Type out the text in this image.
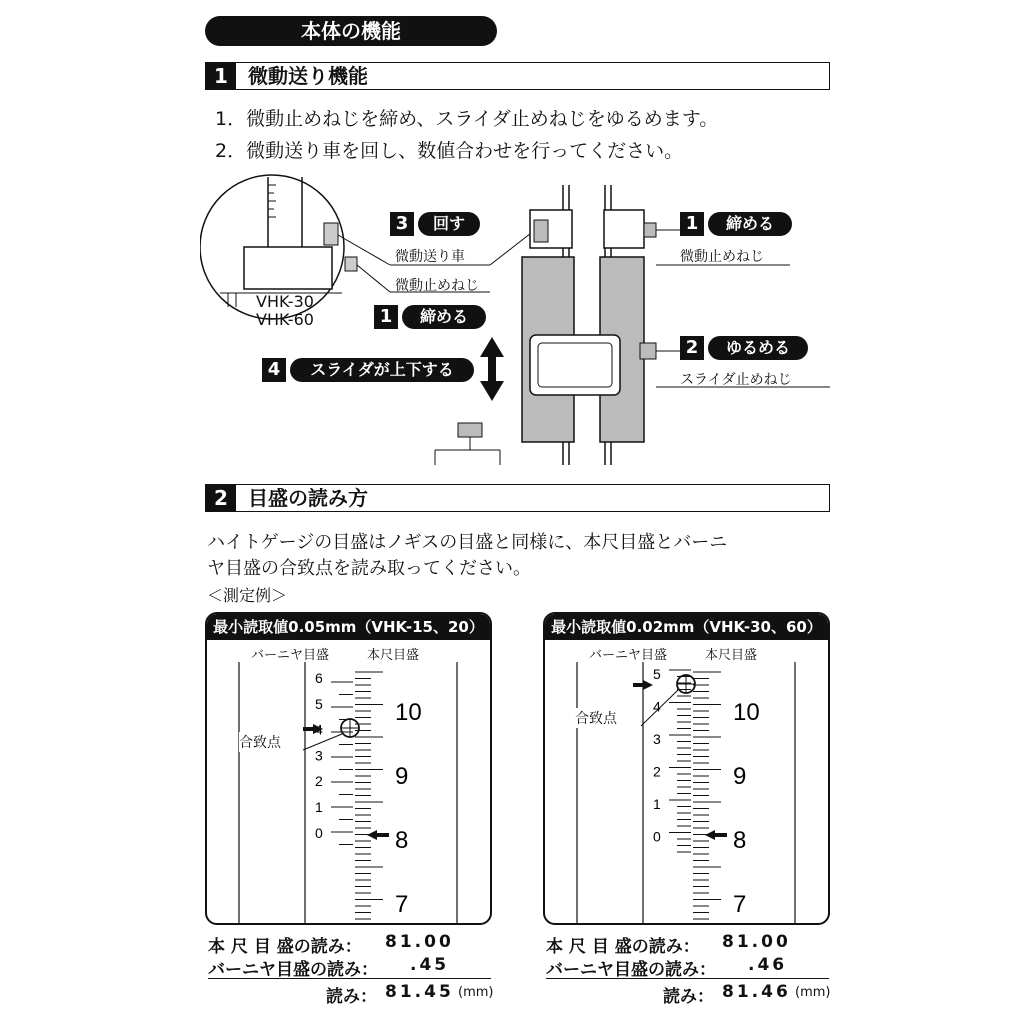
本体の機能
1	微動送り機能
1．微動止めねじを締め、スライダ止めねじをゆるめます。
2．微動送り車を回し、数値合わせを行ってください。
VHK-30
VHK-60
3	回す
微動送り車
微動止めねじ
1	締める
4	スライダが上下する
1	締める
微動止めねじ
2	ゆるめる
スライダ止めねじ
2	目盛の読み方
ハイトゲージの目盛はノギスの目盛と同様に、本尺目盛とバーニ
ヤ目盛の合致点を読み取ってください。
＜測定例＞
最小読取値0.05mm（VHK-15、20）
バーニヤ目盛	本尺目盛
6
5
3
2
1
0
10
9
8
7
合致点
最小読取値0.02mm（VHK-30、60）
バーニヤ目盛	本尺目盛
5
4
3
2
1
0
10
9
8
7
合致点
本 尺 目 盛の読み： 81.00
バーニヤ目盛の読み： .45
読み： 81.45 (mm)
本 尺 目 盛の読み： 81.00
バーニヤ目盛の読み： .46
読み： 81.46 (mm)
